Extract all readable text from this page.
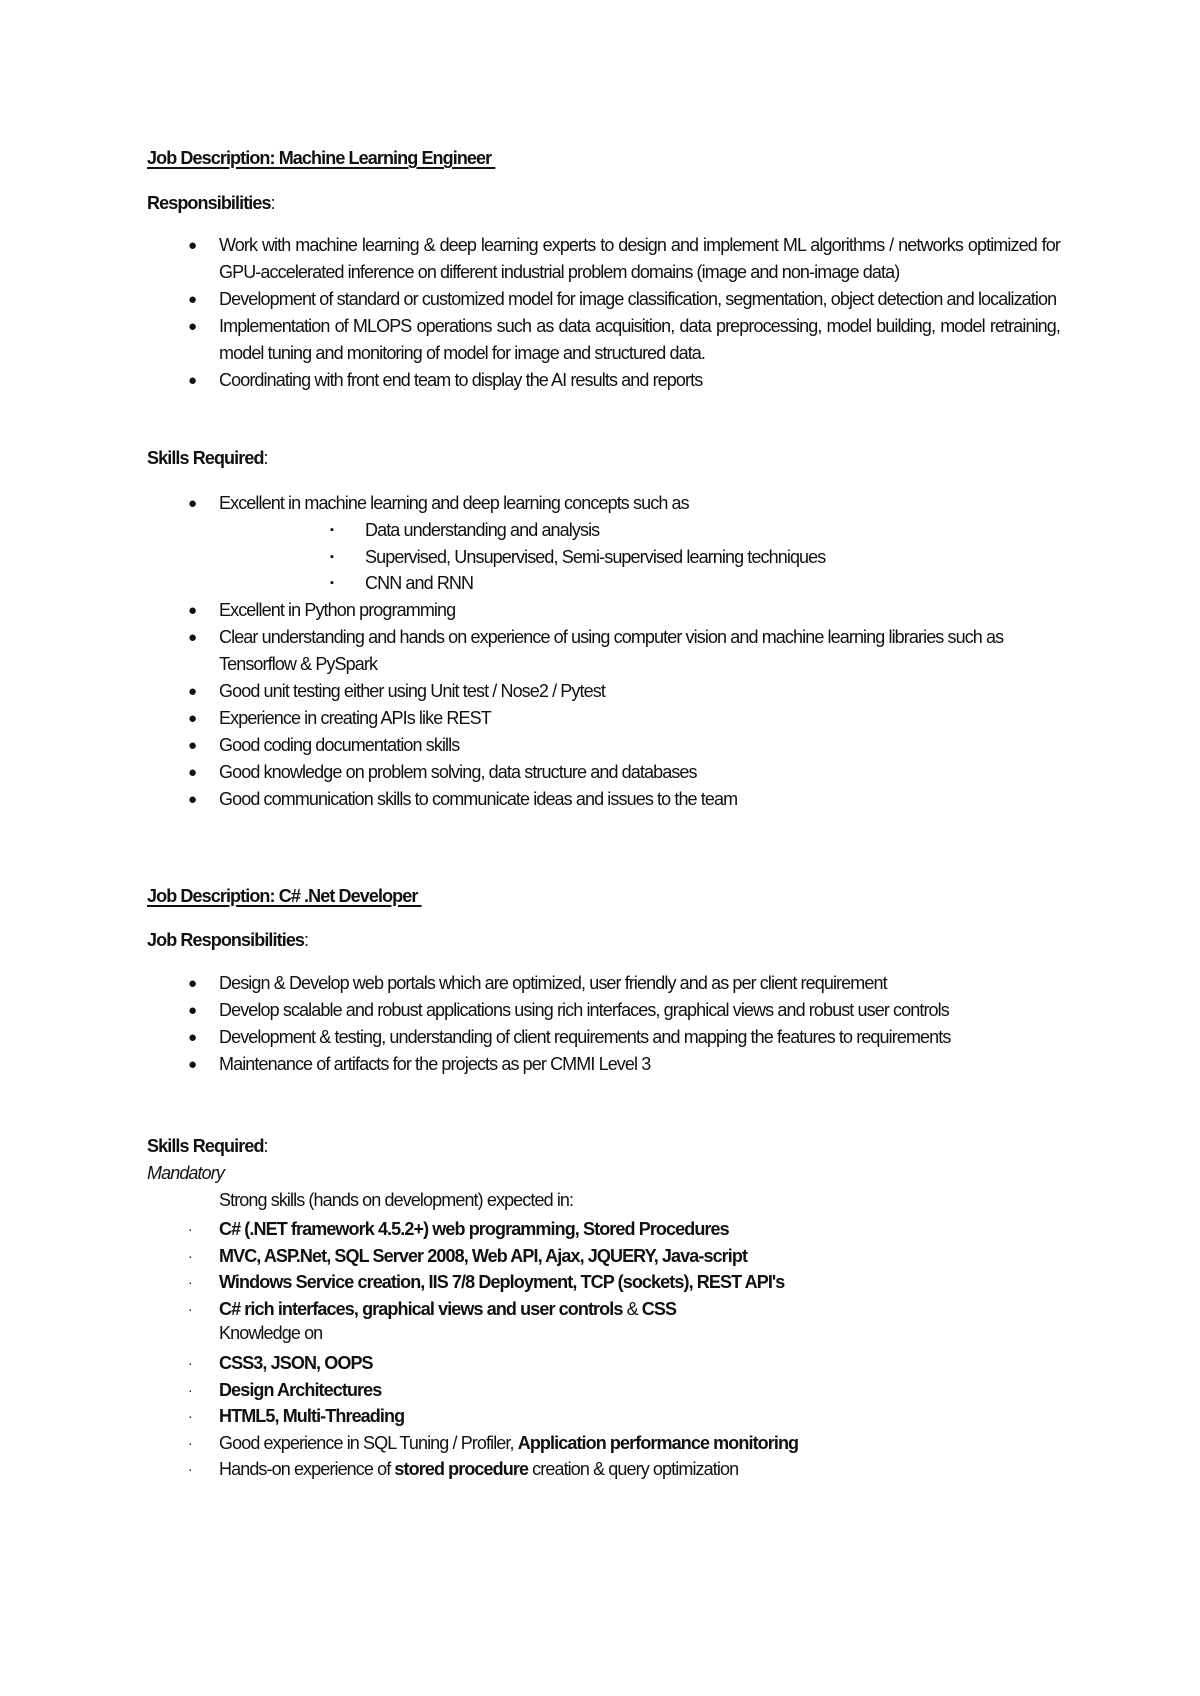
Job Description: Machine Learning Engineer

Responsibilities:

● Work with machine learning & deep learning experts to design and implement ML algorithms / networks optimized for GPU-accelerated inference on different industrial problem domains (image and non-image data)
● Development of standard or customized model for image classification, segmentation, object detection and localization
● Implementation of MLOPS operations such as data acquisition, data preprocessing, model building, model retraining, model tuning and monitoring of model for image and structured data.
● Coordinating with front end team to display the AI results and reports

Skills Required:

● Excellent in machine learning and deep learning concepts such as
▪ Data understanding and analysis
▪ Supervised, Unsupervised, Semi-supervised learning techniques
▪ CNN and RNN
● Excellent in Python programming
● Clear understanding and hands on experience of using computer vision and machine learning libraries such as Tensorflow & PySpark
● Good unit testing either using Unit test / Nose2 / Pytest
● Experience in creating APIs like REST
● Good coding documentation skills
● Good knowledge on problem solving, data structure and databases
● Good communication skills to communicate ideas and issues to the team

Job Description: C# .Net Developer

Job Responsibilities:

● Design & Develop web portals which are optimized, user friendly and as per client requirement
● Develop scalable and robust applications using rich interfaces, graphical views and robust user controls
● Development & testing, understanding of client requirements and mapping the features to requirements
● Maintenance of artifacts for the projects as per CMMI Level 3

Skills Required:

Mandatory

Strong skills (hands on development) expected in:

· C# (.NET framework 4.5.2+) web programming, Stored Procedures
· MVC, ASP.Net, SQL Server 2008, Web API, Ajax, JQUERY, Java-script
· Windows Service creation, IIS 7/8 Deployment, TCP (sockets), REST API's
· C# rich interfaces, graphical views and user controls & CSS

Knowledge on

· CSS3, JSON, OOPS
· Design Architectures
· HTML5, Multi-Threading
· Good experience in SQL Tuning / Profiler, Application performance monitoring
· Hands-on experience of stored procedure creation & query optimization
